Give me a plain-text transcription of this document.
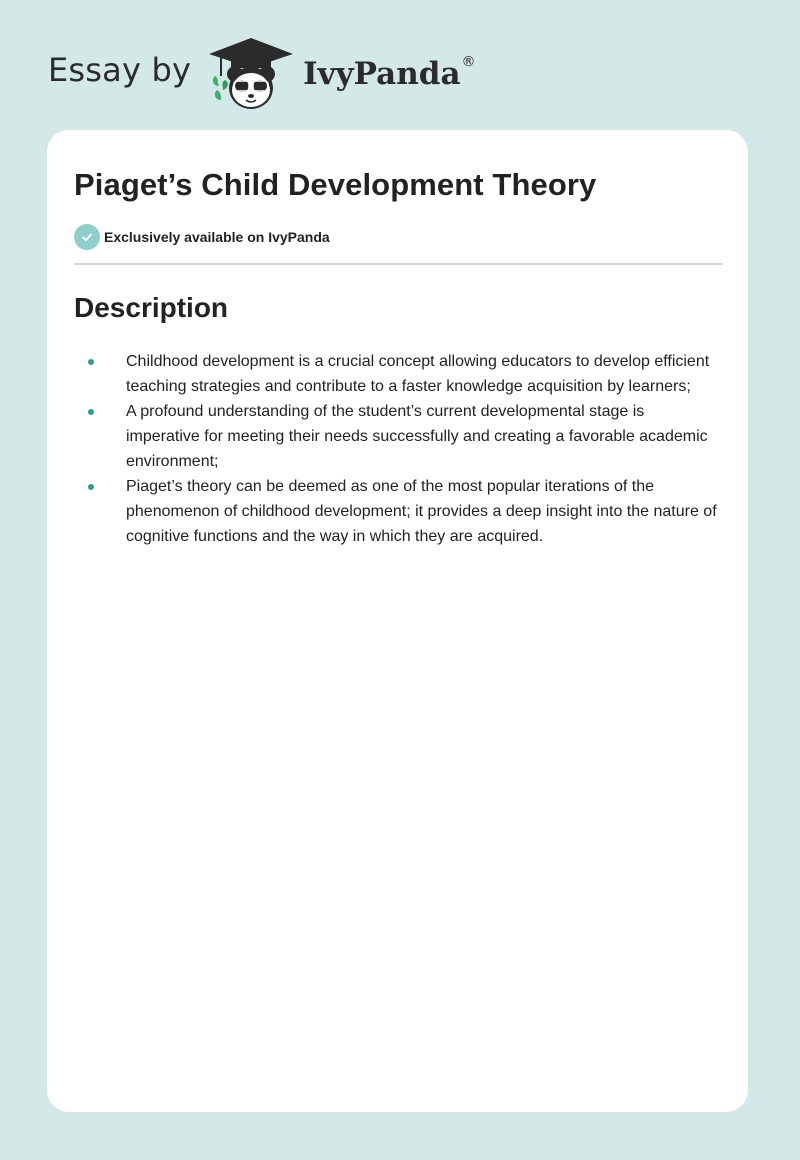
Essay by	IvyPanda ®
Piaget’s Child Development Theory
Exclusively available on IvyPanda
Description
Childhood development is a crucial concept allowing educators to develop efficient teaching strategies and contribute to a faster knowledge acquisition by learners;
A profound understanding of the student’s current developmental stage is imperative for meeting their needs successfully and creating a favorable academic environment;
Piaget’s theory can be deemed as one of the most popular iterations of the phenomenon of childhood development; it provides a deep insight into the nature of cognitive functions and the way in which they are acquired.
